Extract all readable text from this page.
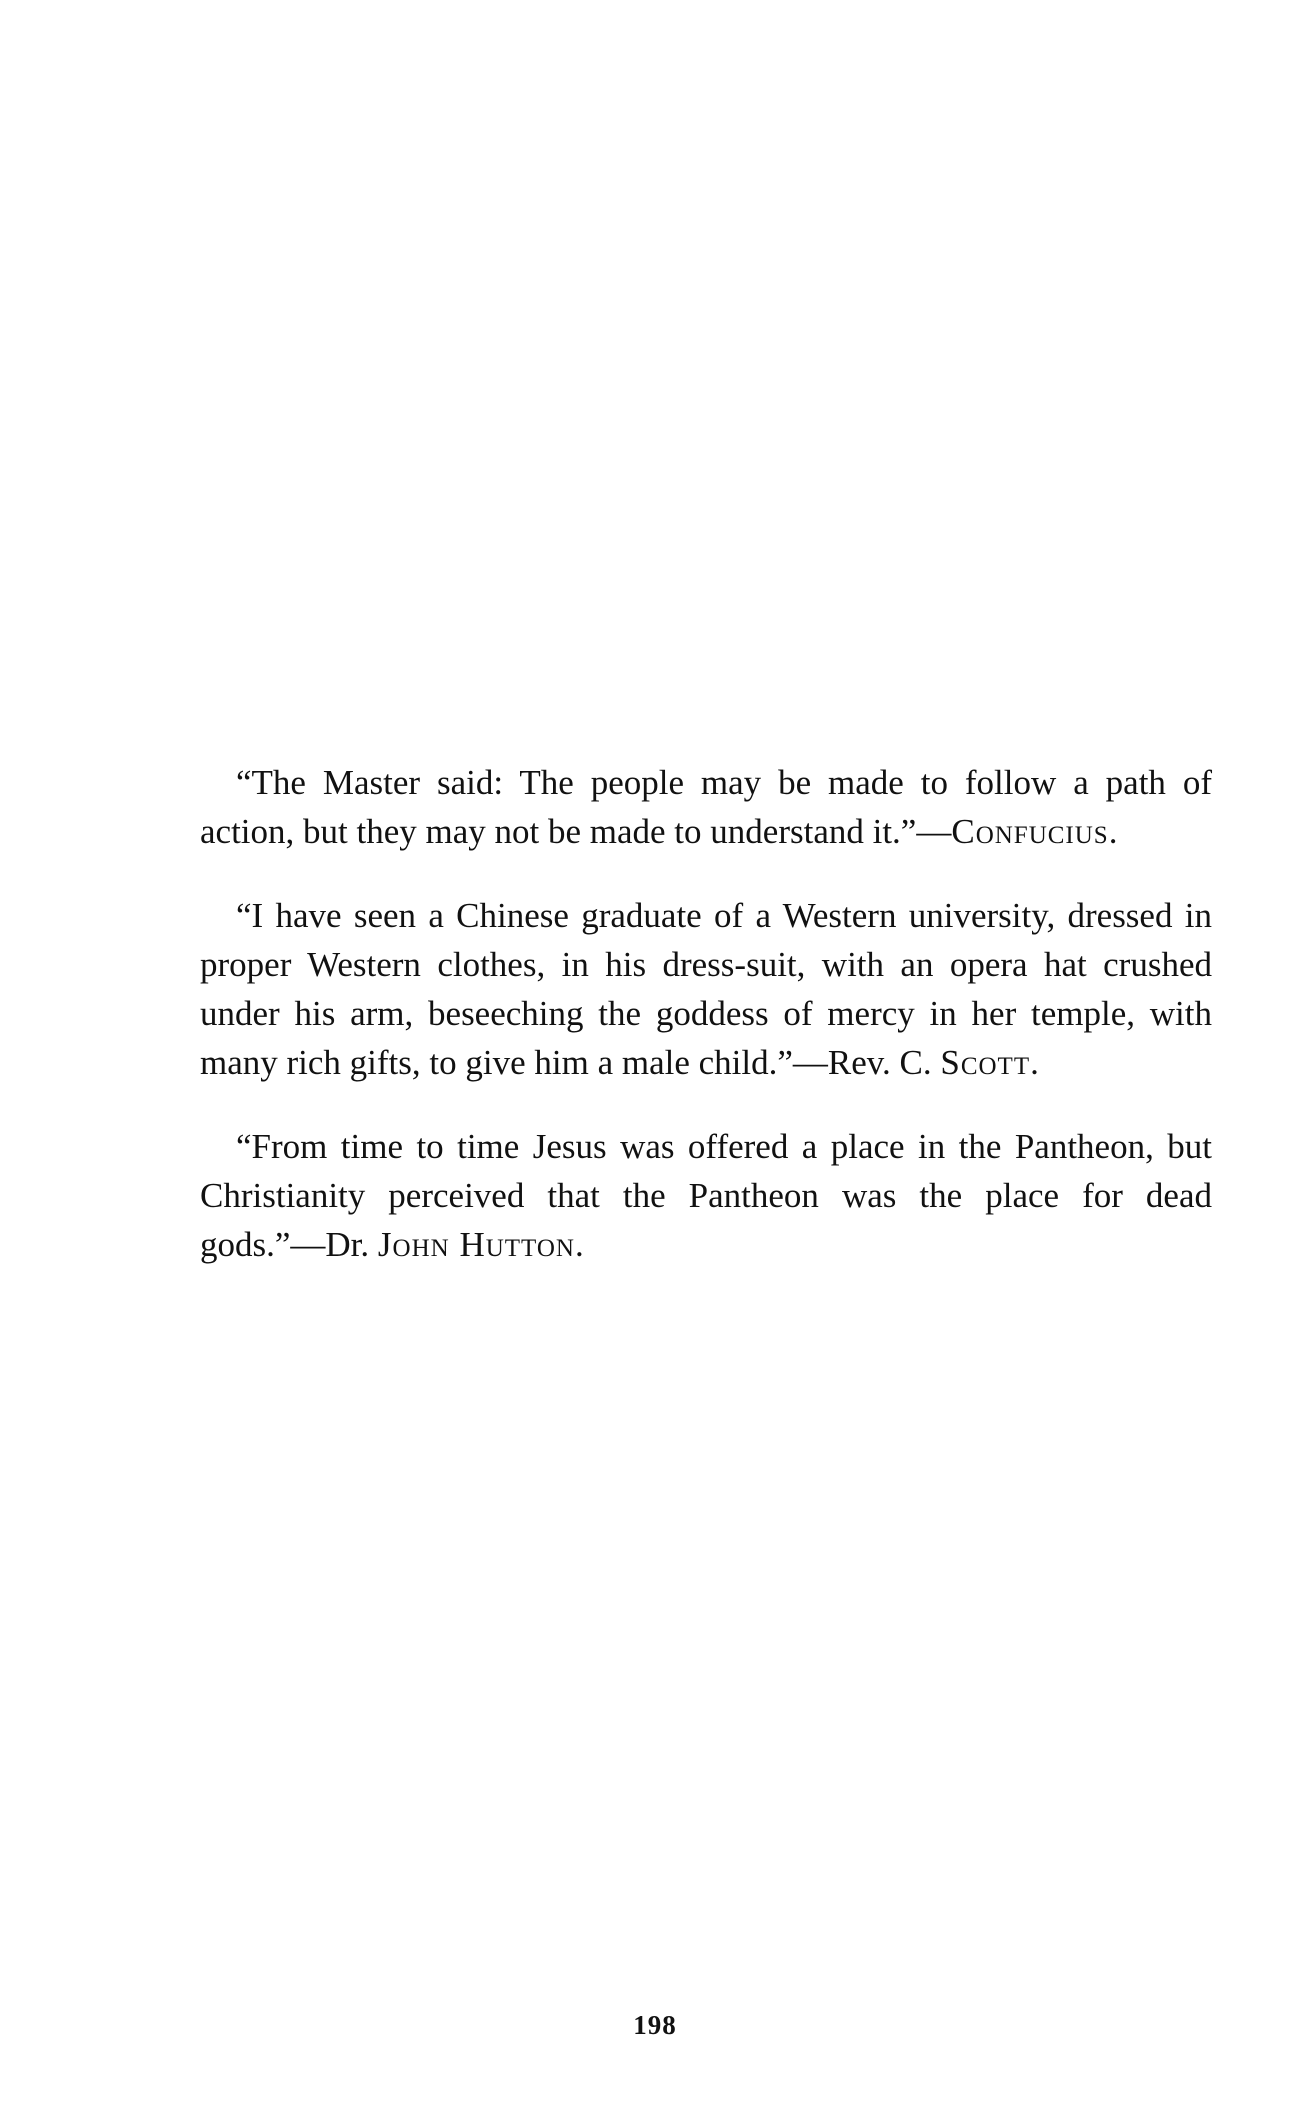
“The Master said: The people may be made to follow a path of action, but they may not be made to understand it.”—Confucius.

“I have seen a Chinese graduate of a Western university, dressed in proper Western clothes, in his dress-suit, with an opera hat crushed under his arm, beseeching the goddess of mercy in her temple, with many rich gifts, to give him a male child.”—Rev. C. Scott.

“From time to time Jesus was offered a place in the Pantheon, but Christianity perceived that the Pantheon was the place for dead gods.”—Dr. John Hutton.

198
